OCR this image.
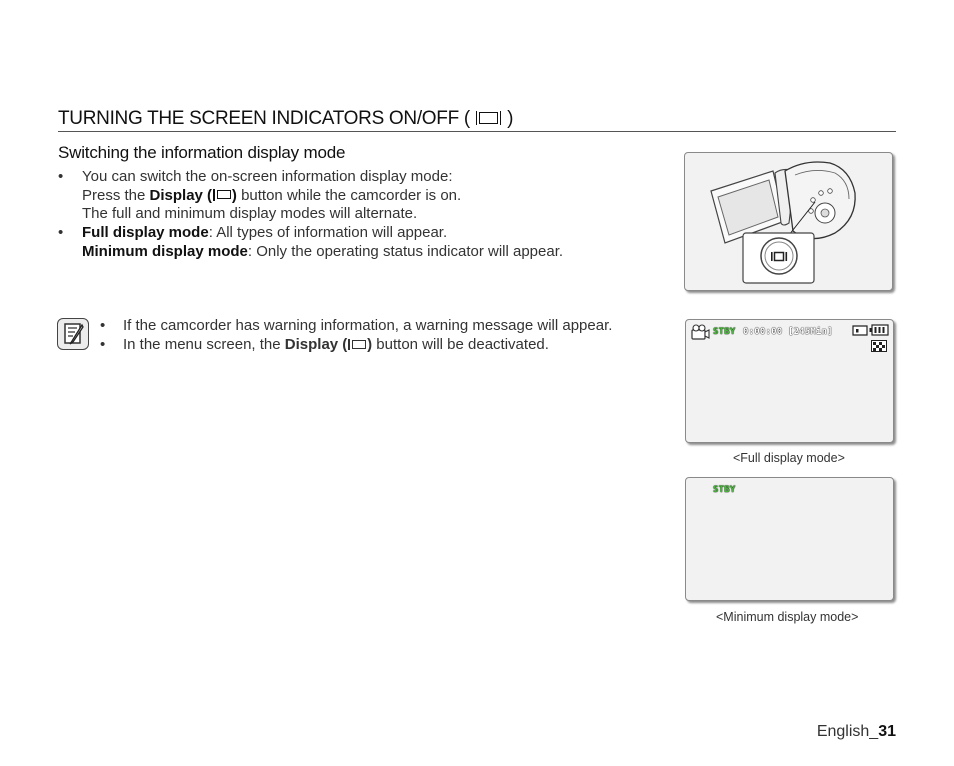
TURNING THE SCREEN INDICATORS ON/OFF ( )
Switching the information display mode
• You can switch the on-screen information display mode:
Press the Display ( ) button while the camcorder is on.
The full and minimum display modes will alternate.
• Full display mode: All types of information will appear.
Minimum display mode: Only the operating status indicator will appear.
• If the camcorder has warning information, a warning message will appear.
• In the menu screen, the Display ( ) button will be deactivated.
STBY 0:00:00 [245Min]
<Full display mode>
STBY
<Minimum display mode>
English_31
